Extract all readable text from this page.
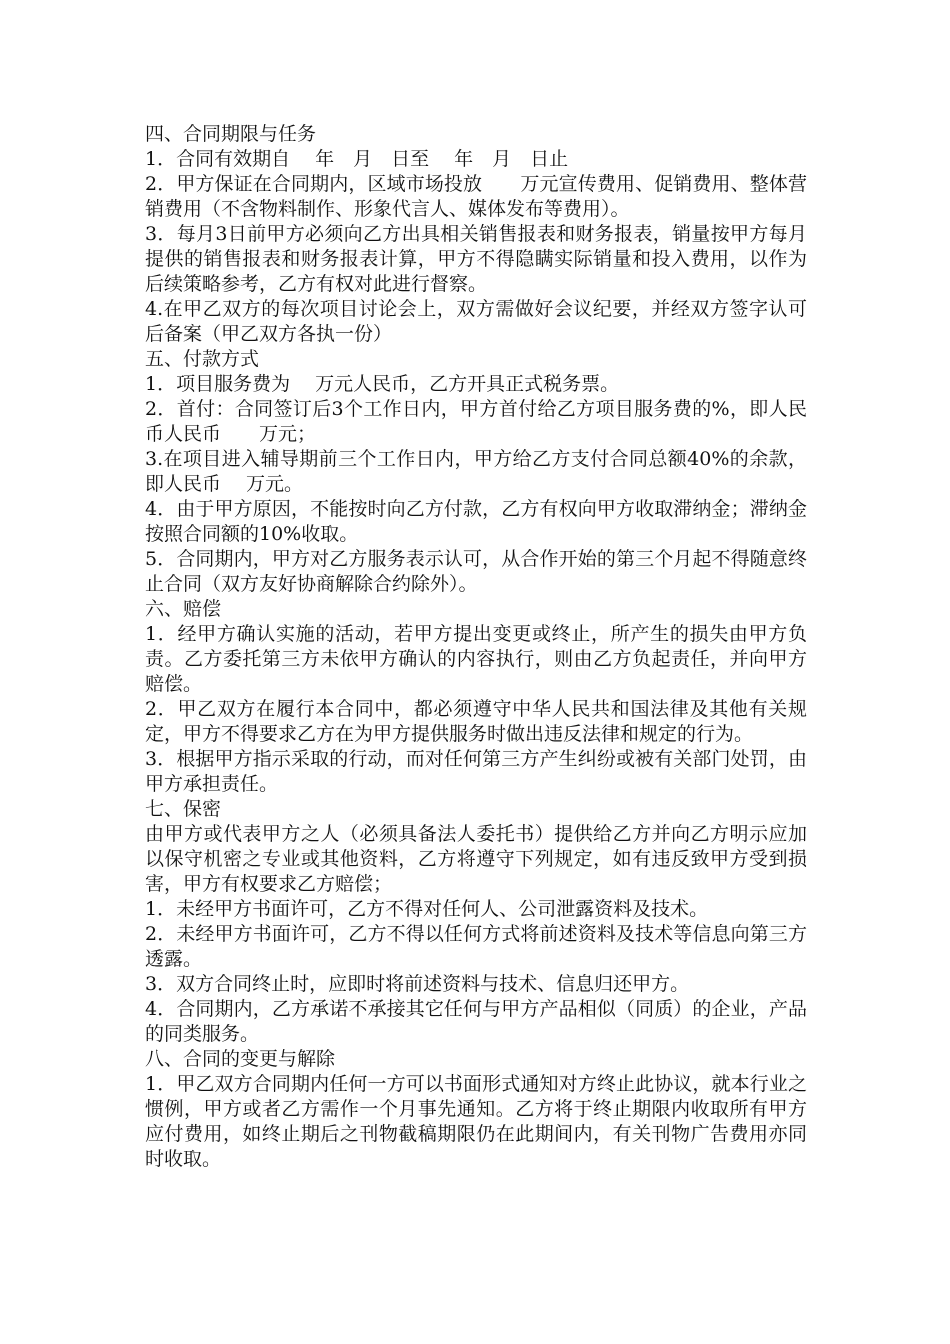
四、合同期限与任务

1．合同有效期自　 年　月　日至　 年　月　日止

2．甲方保证在合同期内，区域市场投放　　万元宣传费用、促销费用、整体营销费用（不含物料制作、形象代言人、媒体发布等费用）。

3．每月3日前甲方必须向乙方出具相关销售报表和财务报表，销量按甲方每月提供的销售报表和财务报表计算，甲方不得隐瞒实际销量和投入费用，以作为后续策略参考，乙方有权对此进行督察。

4.在甲乙双方的每次项目讨论会上，双方需做好会议纪要，并经双方签字认可后备案（甲乙双方各执一份）

五、付款方式

1．项目服务费为　 万元人民币，乙方开具正式税务票。

2．首付：合同签订后3个工作日内，甲方首付给乙方项目服务费的%，即人民币人民币　　万元；

3.在项目进入辅导期前三个工作日内，甲方给乙方支付合同总额40%的余款，即人民币　 万元。

4．由于甲方原因，不能按时向乙方付款，乙方有权向甲方收取滞纳金；滞纳金按照合同额的10%收取。

5．合同期内，甲方对乙方服务表示认可，从合作开始的第三个月起不得随意终止合同（双方友好协商解除合约除外）。

六、赔偿

1．经甲方确认实施的活动，若甲方提出变更或终止，所产生的损失由甲方负责。乙方委托第三方未依甲方确认的内容执行，则由乙方负起责任，并向甲方赔偿。

2．甲乙双方在履行本合同中，都必须遵守中华人民共和国法律及其他有关规定，甲方不得要求乙方在为甲方提供服务时做出违反法律和规定的行为。

3．根据甲方指示采取的行动，而对任何第三方产生纠纷或被有关部门处罚，由甲方承担责任。

七、保密

由甲方或代表甲方之人（必须具备法人委托书）提供给乙方并向乙方明示应加以保守机密之专业或其他资料，乙方将遵守下列规定，如有违反致甲方受到损害，甲方有权要求乙方赔偿；

1．未经甲方书面许可，乙方不得对任何人、公司泄露资料及技术。

2．未经甲方书面许可，乙方不得以任何方式将前述资料及技术等信息向第三方透露。

3．双方合同终止时，应即时将前述资料与技术、信息归还甲方。

4．合同期内，乙方承诺不承接其它任何与甲方产品相似（同质）的企业，产品的同类服务。

八、合同的变更与解除

1．甲乙双方合同期内任何一方可以书面形式通知对方终止此协议，就本行业之惯例，甲方或者乙方需作一个月事先通知。乙方将于终止期限内收取所有甲方应付费用，如终止期后之刊物截稿期限仍在此期间内，有关刊物广告费用亦同时收取。
